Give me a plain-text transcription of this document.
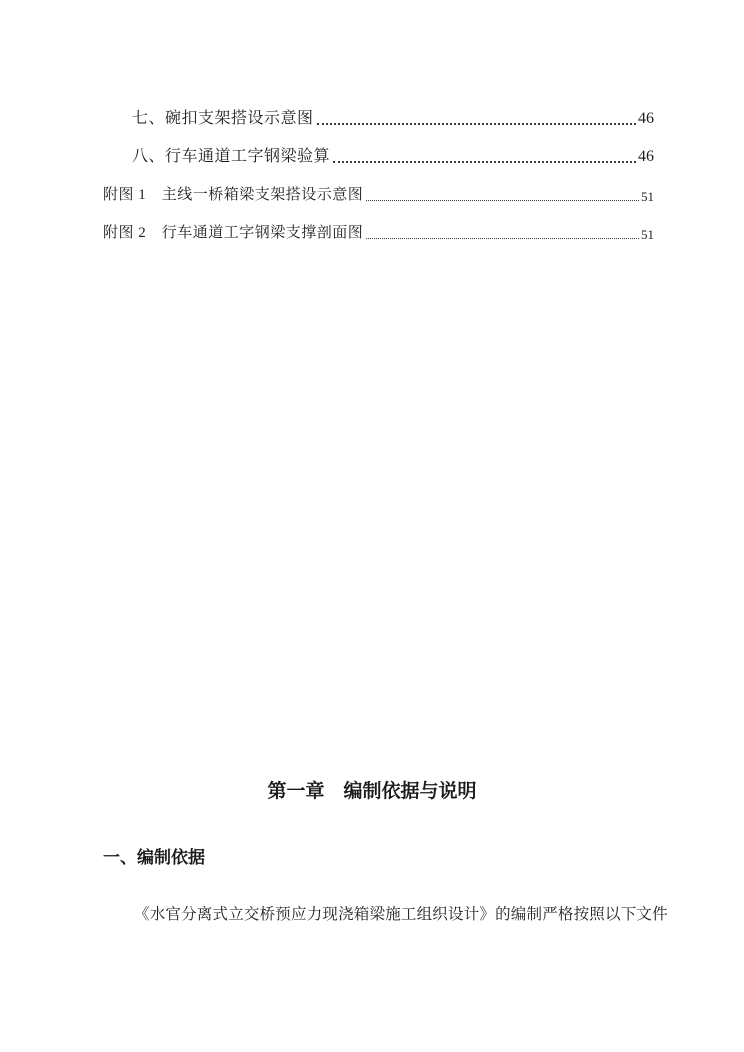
七、碗扣支架搭设示意图	46
八、行车通道工字钢梁验算	46
附图 1　主线一桥箱梁支架搭设示意图	51
附图 2　行车通道工字钢梁支撑剖面图	51
第一章　编制依据与说明
一、编制依据
《水官分离式立交桥预应力现浇箱梁施工组织设计》的编制严格按照以下文件
